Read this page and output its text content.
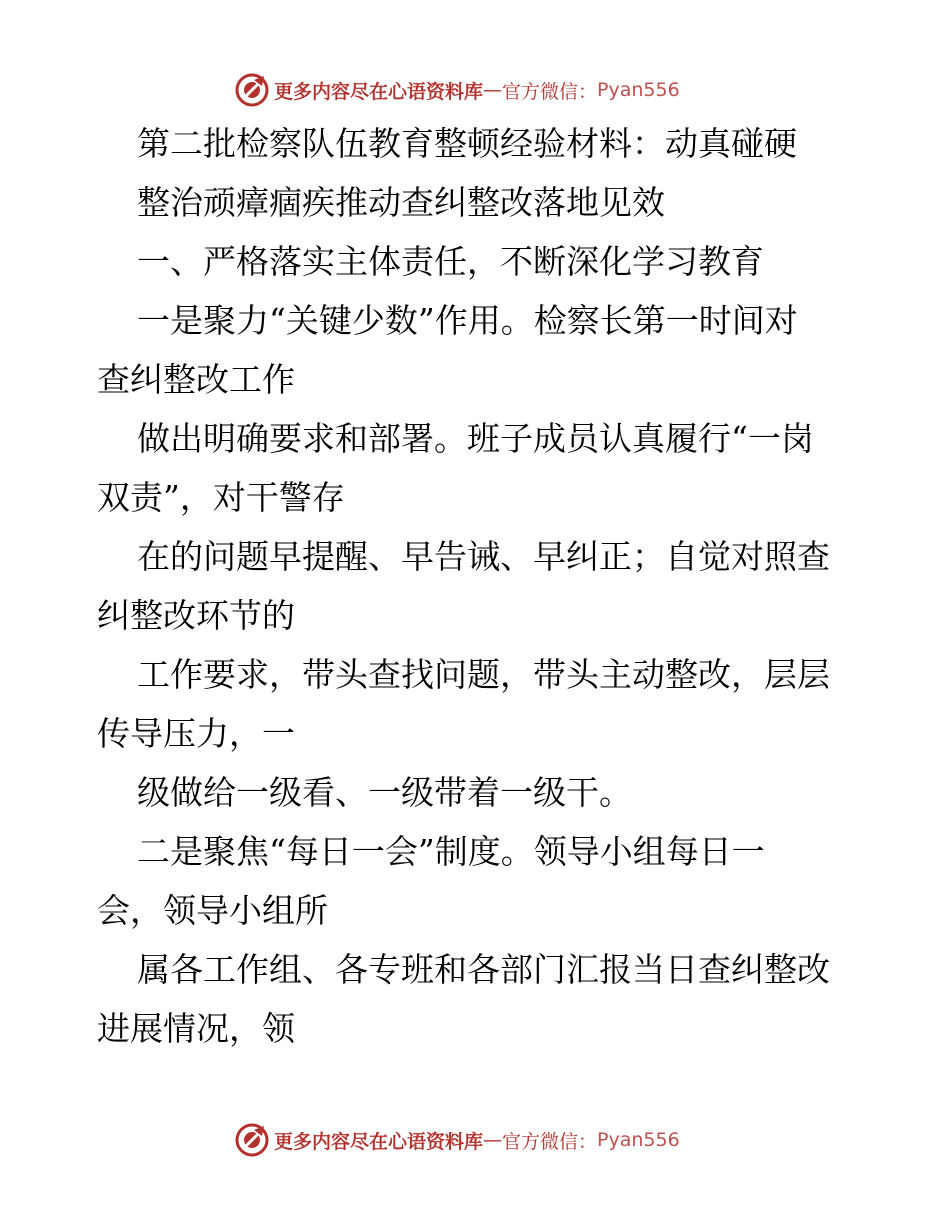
更多内容尽在心语资料库 — 官方微信： Pyan556
第二批检察队伍教育整顿经验材料：动真碰硬
整治顽瘴痼疾推动查纠整改落地见效
一、严格落实主体责任，不断深化学习教育
一是聚力“关键少数”作用。检察长第一时间对
查纠整改工作
做出明确要求和部署。班子成员认真履行“一岗
双责”，对干警存
在的问题早提醒、早告诫、早纠正；自觉对照查
纠整改环节的
工作要求，带头查找问题，带头主动整改，层层
传导压力，一
级做给一级看、一级带着一级干。
二是聚焦“每日一会”制度。领导小组每日一
会，领导小组所
属各工作组、各专班和各部门汇报当日查纠整改
进展情况，领
更多内容尽在心语资料库 — 官方微信： Pyan556
